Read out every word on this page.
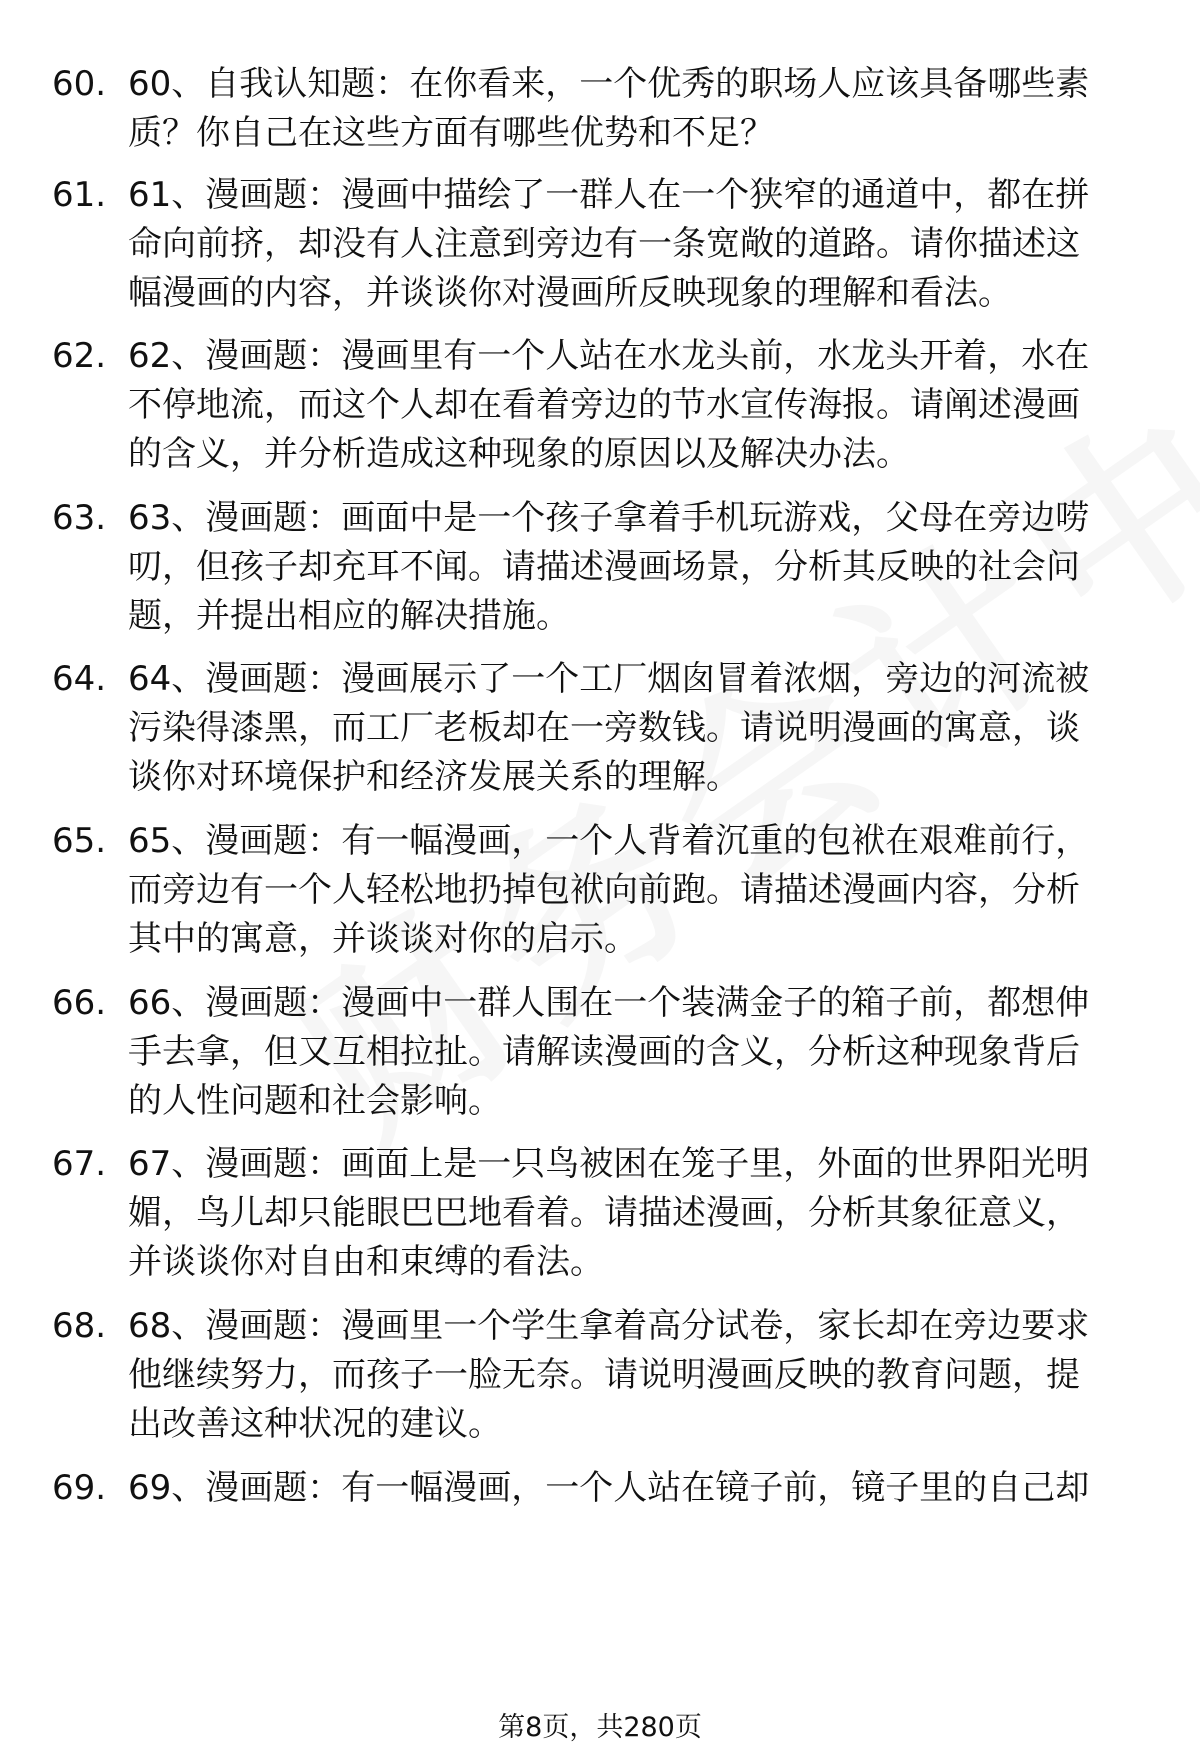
60. 60、自我认知题：在你看来，一个优秀的职场人应该具备哪些素
质？你自己在这些方面有哪些优势和不足？
61. 61、漫画题：漫画中描绘了一群人在一个狭窄的通道中，都在拼
命向前挤，却没有人注意到旁边有一条宽敞的道路。请你描述这
幅漫画的内容，并谈谈你对漫画所反映现象的理解和看法。
62. 62、漫画题：漫画里有一个人站在水龙头前，水龙头开着，水在
不停地流，而这个人却在看着旁边的节水宣传海报。请阐述漫画
的含义，并分析造成这种现象的原因以及解决办法。
63. 63、漫画题：画面中是一个孩子拿着手机玩游戏，父母在旁边唠
叨，但孩子却充耳不闻。请描述漫画场景，分析其反映的社会问
题，并提出相应的解决措施。
64. 64、漫画题：漫画展示了一个工厂烟囱冒着浓烟，旁边的河流被
污染得漆黑，而工厂老板却在一旁数钱。请说明漫画的寓意，谈
谈你对环境保护和经济发展关系的理解。
65. 65、漫画题：有一幅漫画，一个人背着沉重的包袱在艰难前行，
而旁边有一个人轻松地扔掉包袱向前跑。请描述漫画内容，分析
其中的寓意，并谈谈对你的启示。
66. 66、漫画题：漫画中一群人围在一个装满金子的箱子前，都想伸
手去拿，但又互相拉扯。请解读漫画的含义，分析这种现象背后
的人性问题和社会影响。
67. 67、漫画题：画面上是一只鸟被困在笼子里，外面的世界阳光明
媚，鸟儿却只能眼巴巴地看着。请描述漫画，分析其象征意义，
并谈谈你对自由和束缚的看法。
68. 68、漫画题：漫画里一个学生拿着高分试卷，家长却在旁边要求
他继续努力，而孩子一脸无奈。请说明漫画反映的教育问题，提
出改善这种状况的建议。
69. 69、漫画题：有一幅漫画，一个人站在镜子前，镜子里的自己却
第8页，共280页
